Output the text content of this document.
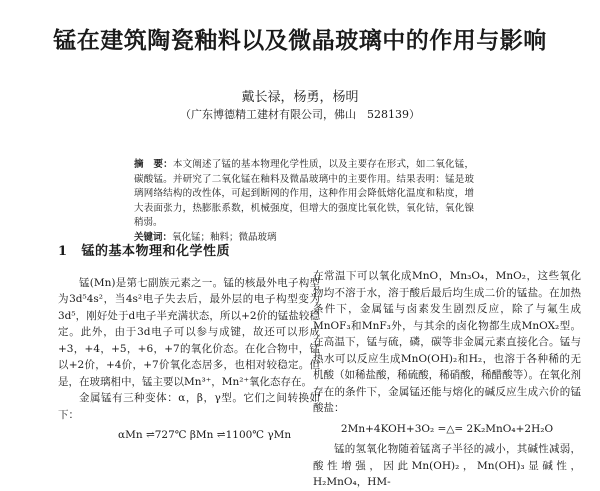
锰在建筑陶瓷釉料以及微晶玻璃中的作用与影响

戴长禄，杨勇，杨明

（广东博德精工建材有限公司，佛山　528139）

摘　要：本文阐述了锰的基本物理化学性质，以及主要存在形式，如二氧化锰，碳酸锰。并研究了二氧化锰在釉料及微晶玻璃中的主要作用。结果表明：锰是玻璃网络结构的改性体，可起到断网的作用，这种作用会降低熔化温度和粘度，增大表面张力，热膨胀系数，机械强度，但增大的强度比氧化铁，氧化钴，氧化镍稍弱。

关键词：氧化锰；釉料；微晶玻璃

1 锰的基本物理和化学性质

锰(Mn)是第七副族元素之一。锰的核最外电子构型为3d⁵4s²，当4s²电子失去后，最外层的电子构型变为3d⁵，刚好处于d电子半充满状态，所以+2价的锰盐较稳定。此外，由于3d电子可以参与成键，故还可以形成+3，+4，+5，+6，+7的氧化价态。在化合物中，锰以+2价，+4价，+7价氧化态居多，也相对较稳定。但是，在玻璃相中，锰主要以Mn³⁺，Mn²⁺氧化态存在。

金属锰有三种变体：α，β，γ型。它们之间转换如下：

αMn ⇌727℃ βMn ⇌1100℃ γMn

在常温下可以氧化成MnO，Mn₃O₄，MnO₂，这些氧化物均不溶于水，溶于酸后最后均生成二价的锰盐。在加热条件下，金属锰与卤素发生剧烈反应，除了与氟生成MnOF₃和MnF₃外，与其余的卤化物都生成MnOX₂型。在高温下，锰与硫，磷，碳等非金属元素直接化合。锰与热水可以反应生成MnO(OH)₂和H₂，也溶于各种稀的无机酸（如稀盐酸，稀硫酸，稀硝酸，稀醋酸等）。在氧化剂存在的条件下，金属锰还能与熔化的碱反应生成六价的锰酸盐：

2Mn+4KOH+3O₂ =△= 2K₂MnO₄+2H₂O

锰的氢氧化物随着锰离子半径的减小，其碱性减弱，酸性增强，因此Mn(OH)₂，Mn(OH)₃显碱性，H₂MnO₄，HM-
